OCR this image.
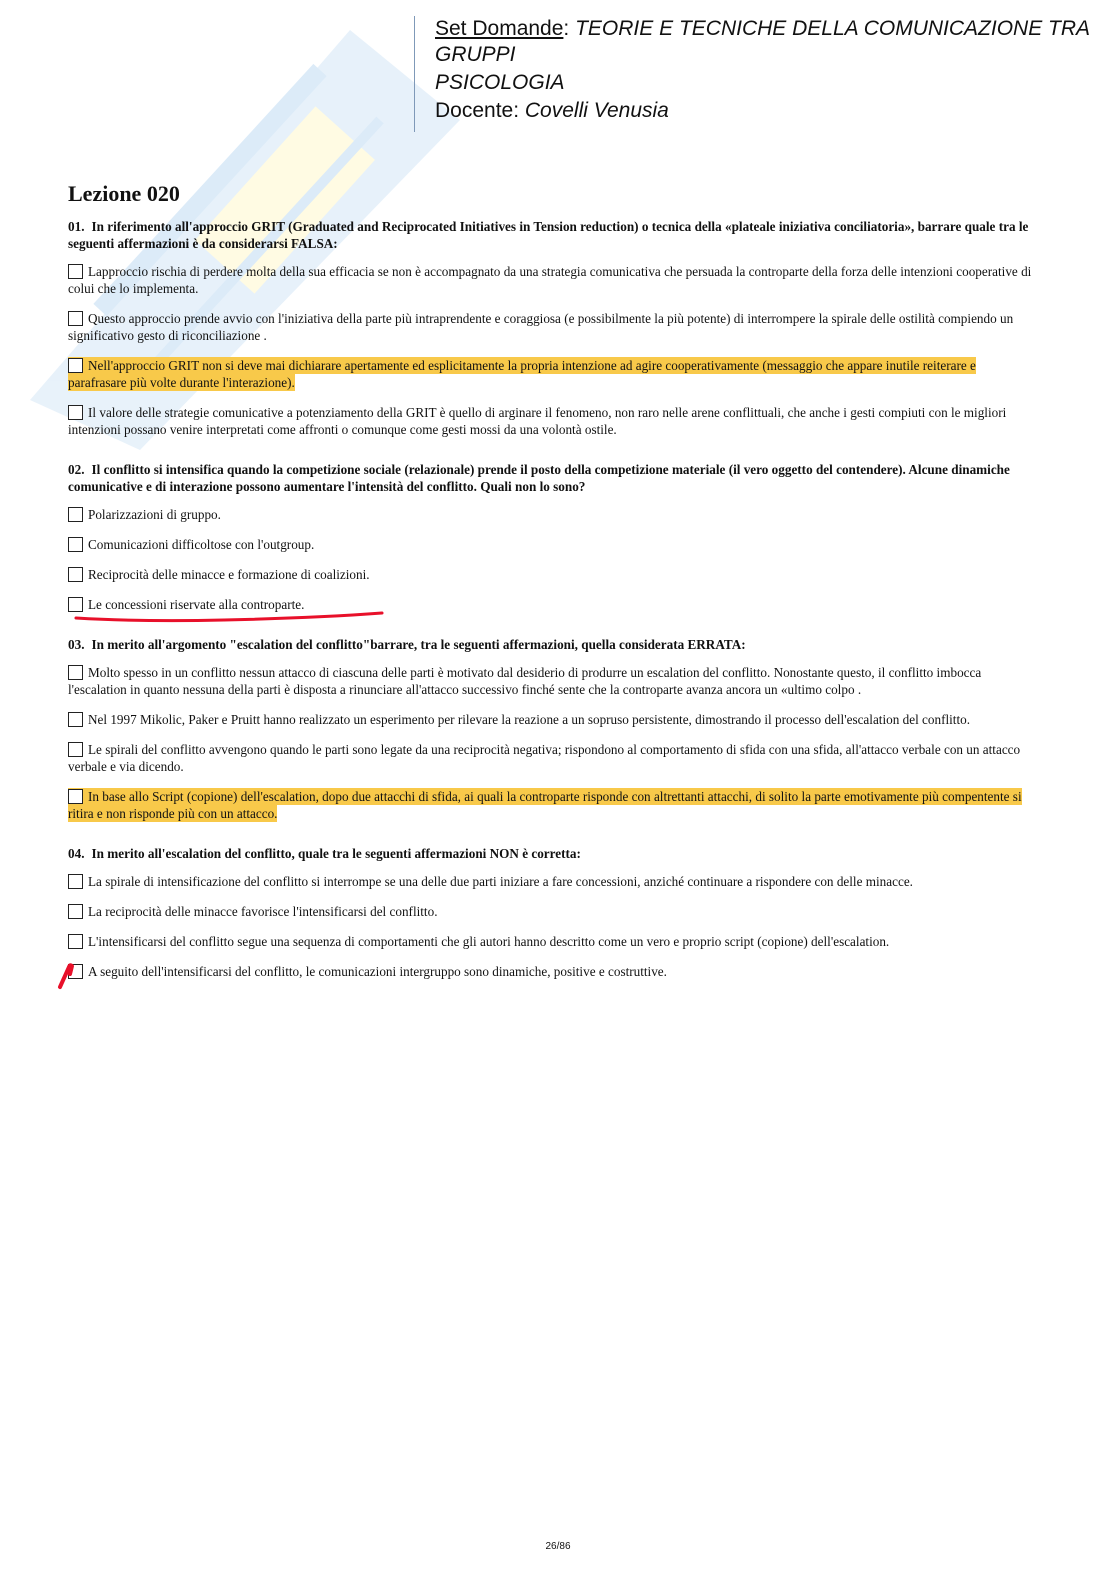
Set Domande: TEORIE E TECNICHE DELLA COMUNICAZIONE TRA GRUPPI
PSICOLOGIA
Docente: Covelli Venusia
Lezione 020
01. In riferimento all'approccio GRIT (Graduated and Reciprocated Initiatives in Tension reduction) o tecnica della «plateale iniziativa conciliatoria», barrare quale tra le seguenti affermazioni è da considerarsi FALSA:
Lapproccio rischia di perdere molta della sua efficacia se non è accompagnato da una strategia comunicativa che persuada la controparte della forza delle intenzioni cooperative di colui che lo implementa.
Questo approccio prende avvio con l'iniziativa della parte più intraprendente e coraggiosa (e possibilmente la più potente) di interrompere la spirale delle ostilità compiendo un significativo gesto di riconciliazione .
Nell'approccio GRIT non si deve mai dichiarare apertamente ed esplicitamente la propria intenzione ad agire cooperativamente (messaggio che appare inutile reiterare e parafrasare più volte durante l'interazione).
Il valore delle strategie comunicative a potenziamento della GRIT è quello di arginare il fenomeno, non raro nelle arene conflittuali, che anche i gesti compiuti con le migliori intenzioni possano venire interpretati come affronti o comunque come gesti mossi da una volontà ostile.
02. Il conflitto si intensifica quando la competizione sociale (relazionale) prende il posto della competizione materiale (il vero oggetto del contendere). Alcune dinamiche comunicative e di interazione possono aumentare l'intensità del conflitto. Quali non lo sono?
Polarizzazioni di gruppo.
Comunicazioni difficoltose con l'outgroup.
Reciprocità delle minacce e formazione di coalizioni.
Le concessioni riservate alla controparte.
03. In merito all'argomento "escalation del conflitto"barrare, tra le seguenti affermazioni, quella considerata ERRATA:
Molto spesso in un conflitto nessun attacco di ciascuna delle parti è motivato dal desiderio di produrre un escalation del conflitto. Nonostante questo, il conflitto imbocca l'escalation in quanto nessuna della parti è disposta a rinunciare all'attacco successivo finché sente che la controparte avanza ancora un «ultimo colpo .
Nel 1997 Mikolic, Paker e Pruitt hanno realizzato un esperimento per rilevare la reazione a un sopruso persistente, dimostrando il processo dell'escalation del conflitto.
Le spirali del conflitto avvengono quando le parti sono legate da una reciprocità negativa; rispondono al comportamento di sfida con una sfida, all'attacco verbale con un attacco verbale e via dicendo.
In base allo Script (copione) dell'escalation, dopo due attacchi di sfida, ai quali la controparte risponde con altrettanti attacchi, di solito la parte emotivamente più compentente si ritira e non risponde più con un attacco.
04. In merito all'escalation del conflitto, quale tra le seguenti affermazioni NON è corretta:
La spirale di intensificazione del conflitto si interrompe se una delle due parti iniziare a fare concessioni, anziché continuare a rispondere con delle minacce.
La reciprocità delle minacce favorisce l'intensificarsi del conflitto.
L'intensificarsi del conflitto segue una sequenza di comportamenti che gli autori hanno descritto come un vero e proprio script (copione) dell'escalation.
A seguito dell'intensificarsi del conflitto, le comunicazioni intergruppo sono dinamiche, positive e costruttive.
26/86
